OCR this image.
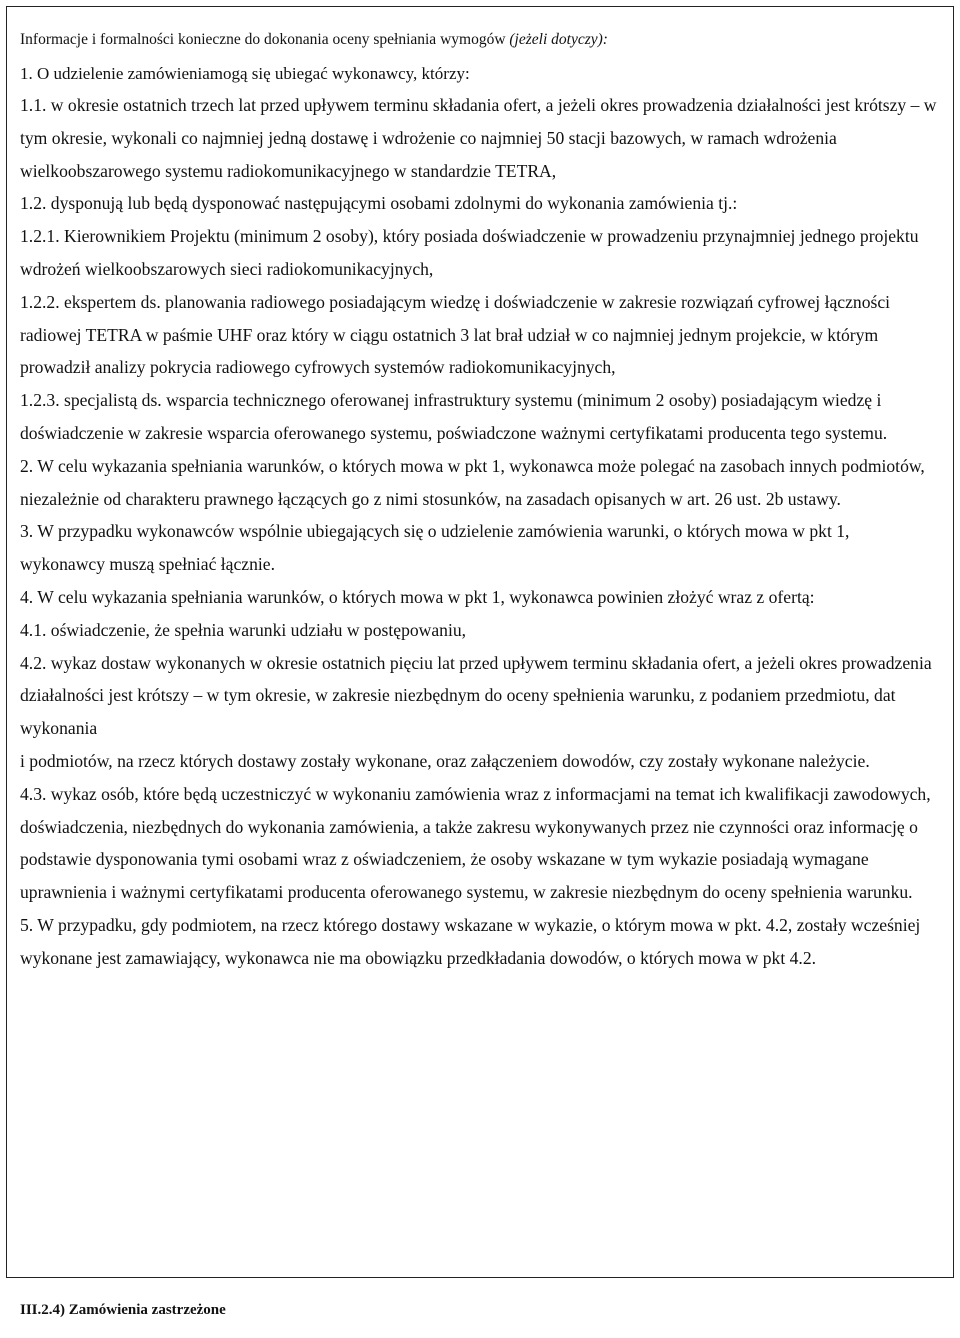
Informacje i formalności konieczne do dokonania oceny spełniania wymogów (jeżeli dotyczy):
1. O udzielenie zamówieniamogą się ubiegać wykonawcy, którzy:

1.1. w okresie ostatnich trzech lat przed upływem terminu składania ofert, a jeżeli okres prowadzenia działalności jest krótszy – w tym okresie, wykonali co najmniej jedną dostawę i wdrożenie co najmniej 50 stacji bazowych, w ramach wdrożenia wielkoobszarowego systemu radiokomunikacyjnego w standardzie TETRA,

1.2. dysponują lub będą dysponować następującymi osobami zdolnymi do wykonania zamówienia tj.:

1.2.1. Kierownikiem Projektu (minimum 2 osoby), który posiada doświadczenie w prowadzeniu przynajmniej jednego projektu wdrożeń wielkoobszarowych sieci radiokomunikacyjnych,

1.2.2. ekspertem ds. planowania radiowego posiadającym wiedzę i doświadczenie w zakresie rozwiązań cyfrowej łączności radiowej TETRA w paśmie UHF oraz który w ciągu ostatnich 3 lat brał udział w co najmniej jednym projekcie, w którym prowadził analizy pokrycia radiowego cyfrowych systemów radiokomunikacyjnych,

1.2.3. specjalistą ds. wsparcia technicznego oferowanej infrastruktury systemu (minimum 2 osoby) posiadającym wiedzę i doświadczenie w zakresie wsparcia oferowanego systemu, poświadczone ważnymi certyfikatami producenta tego systemu.

2. W celu wykazania spełniania warunków, o których mowa w pkt 1, wykonawca może polegać na zasobach innych podmiotów, niezależnie od charakteru prawnego łączących go z nimi stosunków, na zasadach opisanych w art. 26 ust. 2b ustawy.

3. W przypadku wykonawców wspólnie ubiegających się o udzielenie zamówienia warunki, o których mowa w pkt 1, wykonawcy muszą spełniać łącznie.

4. W celu wykazania spełniania warunków, o których mowa w pkt 1, wykonawca powinien złożyć wraz z ofertą:

4.1. oświadczenie, że spełnia warunki udziału w postępowaniu,

4.2. wykaz dostaw wykonanych w okresie ostatnich pięciu lat przed upływem terminu składania ofert, a jeżeli okres prowadzenia działalności jest krótszy – w tym okresie, w zakresie niezbędnym do oceny spełnienia warunku, z podaniem przedmiotu, dat wykonania

i podmiotów, na rzecz których dostawy zostały wykonane, oraz załączeniem dowodów, czy zostały wykonane należycie.

4.3. wykaz osób, które będą uczestniczyć w wykonaniu zamówienia wraz z informacjami na temat ich kwalifikacji zawodowych, doświadczenia, niezbędnych do wykonania zamówienia, a także zakresu wykonywanych przez nie czynności oraz informację o podstawie dysponowania tymi osobami wraz z oświadczeniem, że osoby wskazane w tym wykazie posiadają wymagane uprawnienia i ważnymi certyfikatami producenta oferowanego systemu, w zakresie niezbędnym do oceny spełnienia warunku.

5. W przypadku, gdy podmiotem, na rzecz którego dostawy wskazane w wykazie, o którym mowa w pkt. 4.2, zostały wcześniej wykonane jest zamawiający, wykonawca nie ma obowiązku przedkładania dowodów, o których mowa w pkt 4.2.

III.2.4) Zamówienia zastrzeżone
